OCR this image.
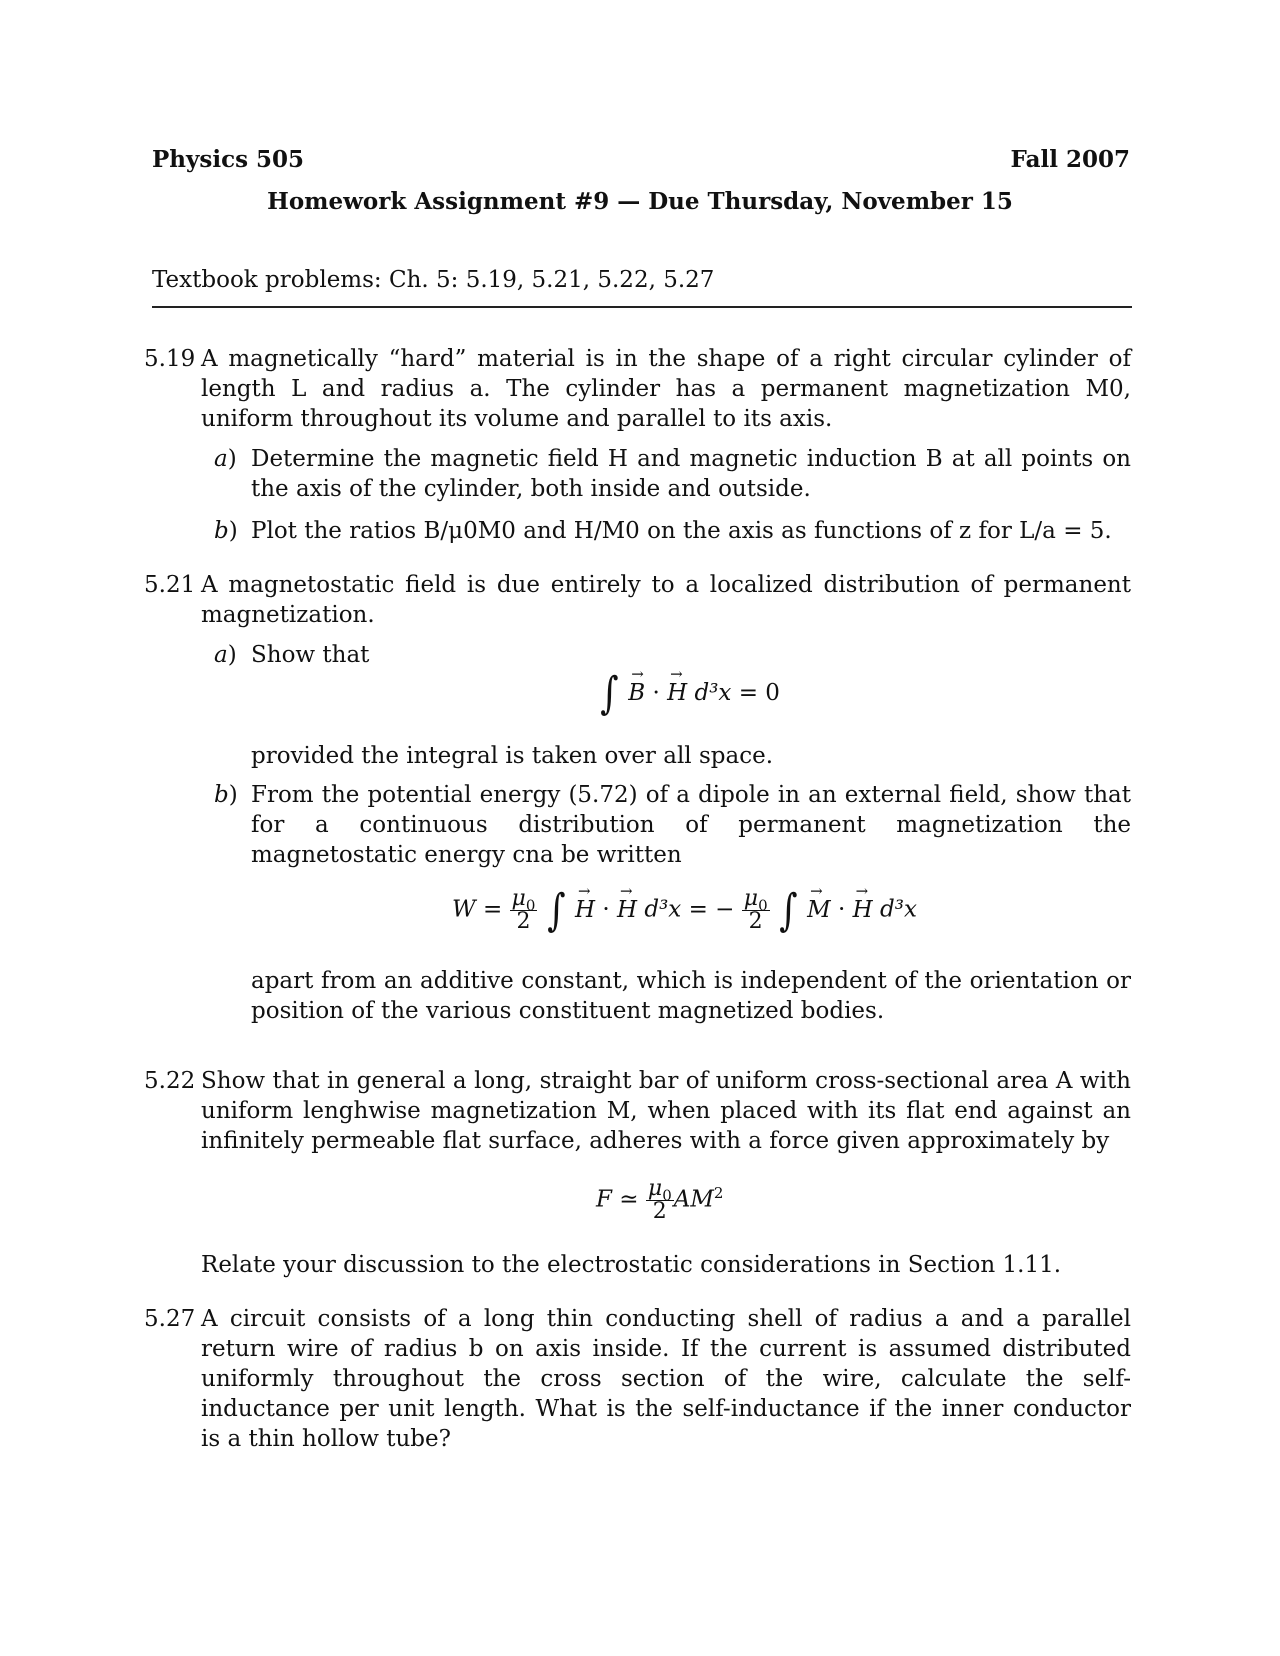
Physics 505	Fall 2007
Homework Assignment #9 — Due Thursday, November 15
Textbook problems: Ch. 5: 5.19, 5.21, 5.22, 5.27
5.19 A magnetically “hard” material is in the shape of a right circular cylinder of length L and radius a. The cylinder has a permanent magnetization M0, uniform throughout its volume and parallel to its axis.
a) Determine the magnetic field H and magnetic induction B at all points on the axis of the cylinder, both inside and outside.
b) Plot the ratios B/μ0M0 and H/M0 on the axis as functions of z for L/a = 5.
5.21 A magnetostatic field is due entirely to a localized distribution of permanent magnetization.
a) Show that
∫ → B · → H d³x = 0
provided the integral is taken over all space.
b) From the potential energy (5.72) of a dipole in an external field, show that for a continuous distribution of permanent magnetization the magnetostatic energy cna be written
$W = \frac{\mu_0}{2}$ ∫ → H · → H d³x = − $\frac{\mu_0}{2}$ ∫ → M · → H d³x
apart from an additive constant, which is independent of the orientation or position of the various constituent magnetized bodies.
5.22 Show that in general a long, straight bar of uniform cross-sectional area A with uniform lenghwise magnetization M, when placed with its flat end against an infinitely permeable flat surface, adheres with a force given approximately by
F ≃ $\frac{\mu_0}{2} AM^2$
Relate your discussion to the electrostatic considerations in Section 1.11.
5.27 A circuit consists of a long thin conducting shell of radius a and a parallel return wire of radius b on axis inside. If the current is assumed distributed uniformly throughout the cross section of the wire, calculate the self-inductance per unit length. What is the self-inductance if the inner conductor is a thin hollow tube?
